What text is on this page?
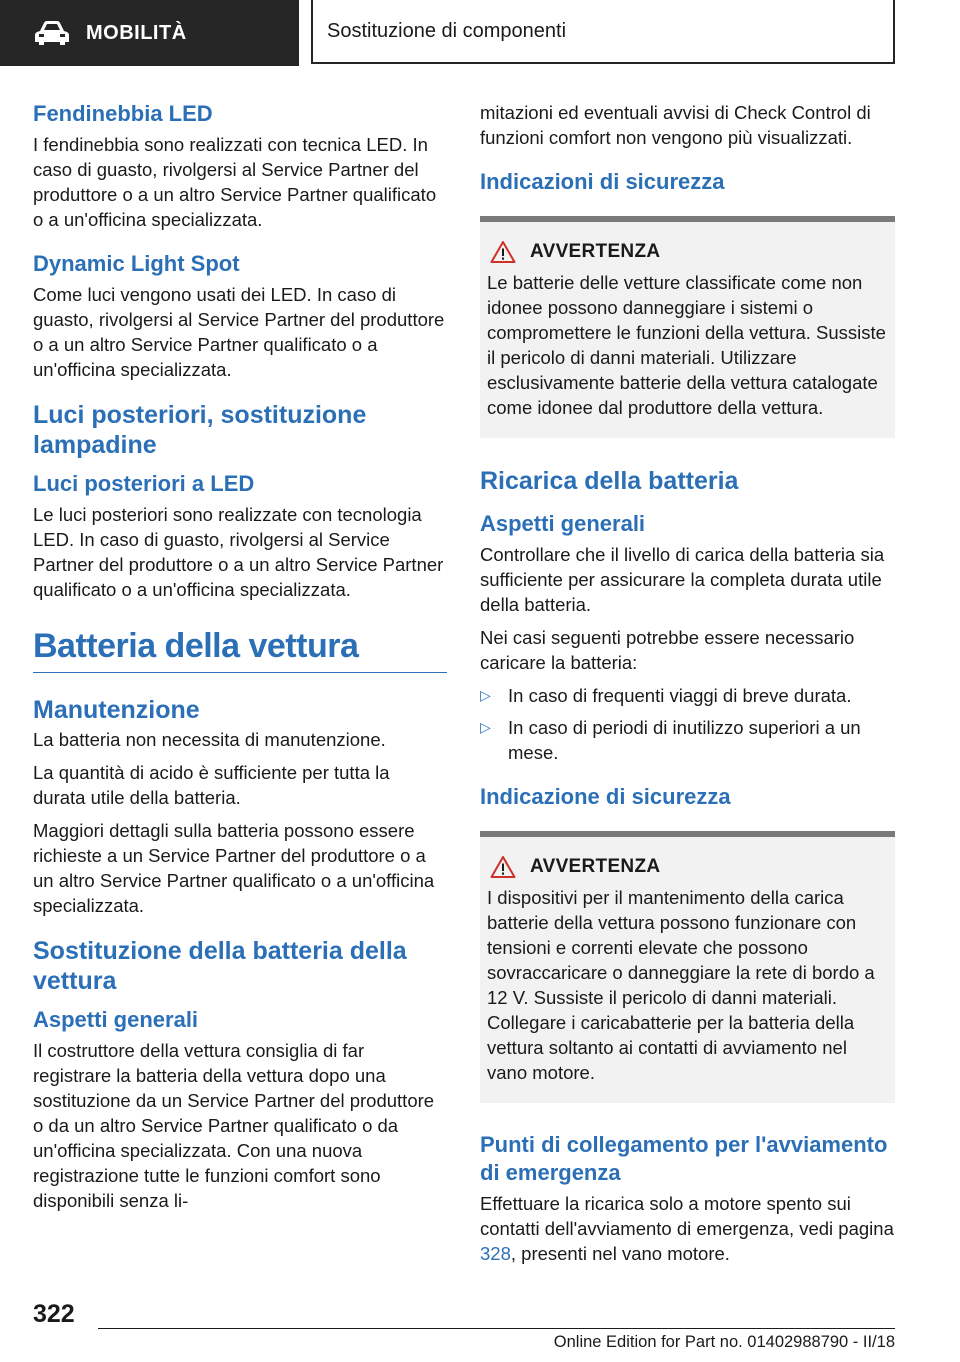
MOBILITÀ	Sostituzione di componenti
Fendinebbia LED

I fendinebbia sono realizzati con tecnica LED. In caso di guasto, rivolgersi al Service Partner del produttore o a un altro Service Partner qualificato o a un'officina specializzata.

Dynamic Light Spot

Come luci vengono usati dei LED. In caso di guasto, rivolgersi al Service Partner del produttore o a un altro Service Partner qualificato o a un'officina specializzata.

Luci posteriori, sostituzione lampadine
Luci posteriori a LED

Le luci posteriori sono realizzate con tecnologia LED. In caso di guasto, rivolgersi al Service Partner del produttore o a un altro Service Partner qualificato o a un'officina specializzata.

Batteria della vettura
Manutenzione

La batteria non necessita di manutenzione.

La quantità di acido è sufficiente per tutta la durata utile della batteria.

Maggiori dettagli sulla batteria possono essere richieste a un Service Partner del produttore o a un altro Service Partner qualificato o a un'officina specializzata.

Sostituzione della batteria della vettura
Aspetti generali

Il costruttore della vettura consiglia di far registrare la batteria della vettura dopo una sostituzione da un Service Partner del produttore o da un altro Service Partner qualificato o da un'officina specializzata. Con una nuova registrazione tutte le funzioni comfort sono disponibili senza li-

mitazioni ed eventuali avvisi di Check Control di funzioni comfort non vengono più visualizzati.

Indicazioni di sicurezza
AVVERTENZA

Le batterie delle vetture classificate come non idonee possono danneggiare i sistemi o compromettere le funzioni della vettura. Sussiste il pericolo di danni materiali. Utilizzare esclusivamente batterie della vettura catalogate come idonee dal produttore della vettura.

Ricarica della batteria
Aspetti generali

Controllare che il livello di carica della batteria sia sufficiente per assicurare la completa durata utile della batteria.

Nei casi seguenti potrebbe essere necessario caricare la batteria:

▷ In caso di frequenti viaggi di breve durata.
▷ In caso di periodi di inutilizzo superiori a un mese.
Indicazione di sicurezza
AVVERTENZA

I dispositivi per il mantenimento della carica batterie della vettura possono funzionare con tensioni e correnti elevate che possono sovraccaricare o danneggiare la rete di bordo a 12 V. Sussiste il pericolo di danni materiali. Collegare i caricabatterie per la batteria della vettura soltanto ai contatti di avviamento nel vano motore.

Punti di collegamento per l'avviamento di emergenza

Effettuare la ricarica solo a motore spento sui contatti dell'avviamento di emergenza, vedi pagina 328, presenti nel vano motore.

322
Online Edition for Part no. 01402988790 - II/18
